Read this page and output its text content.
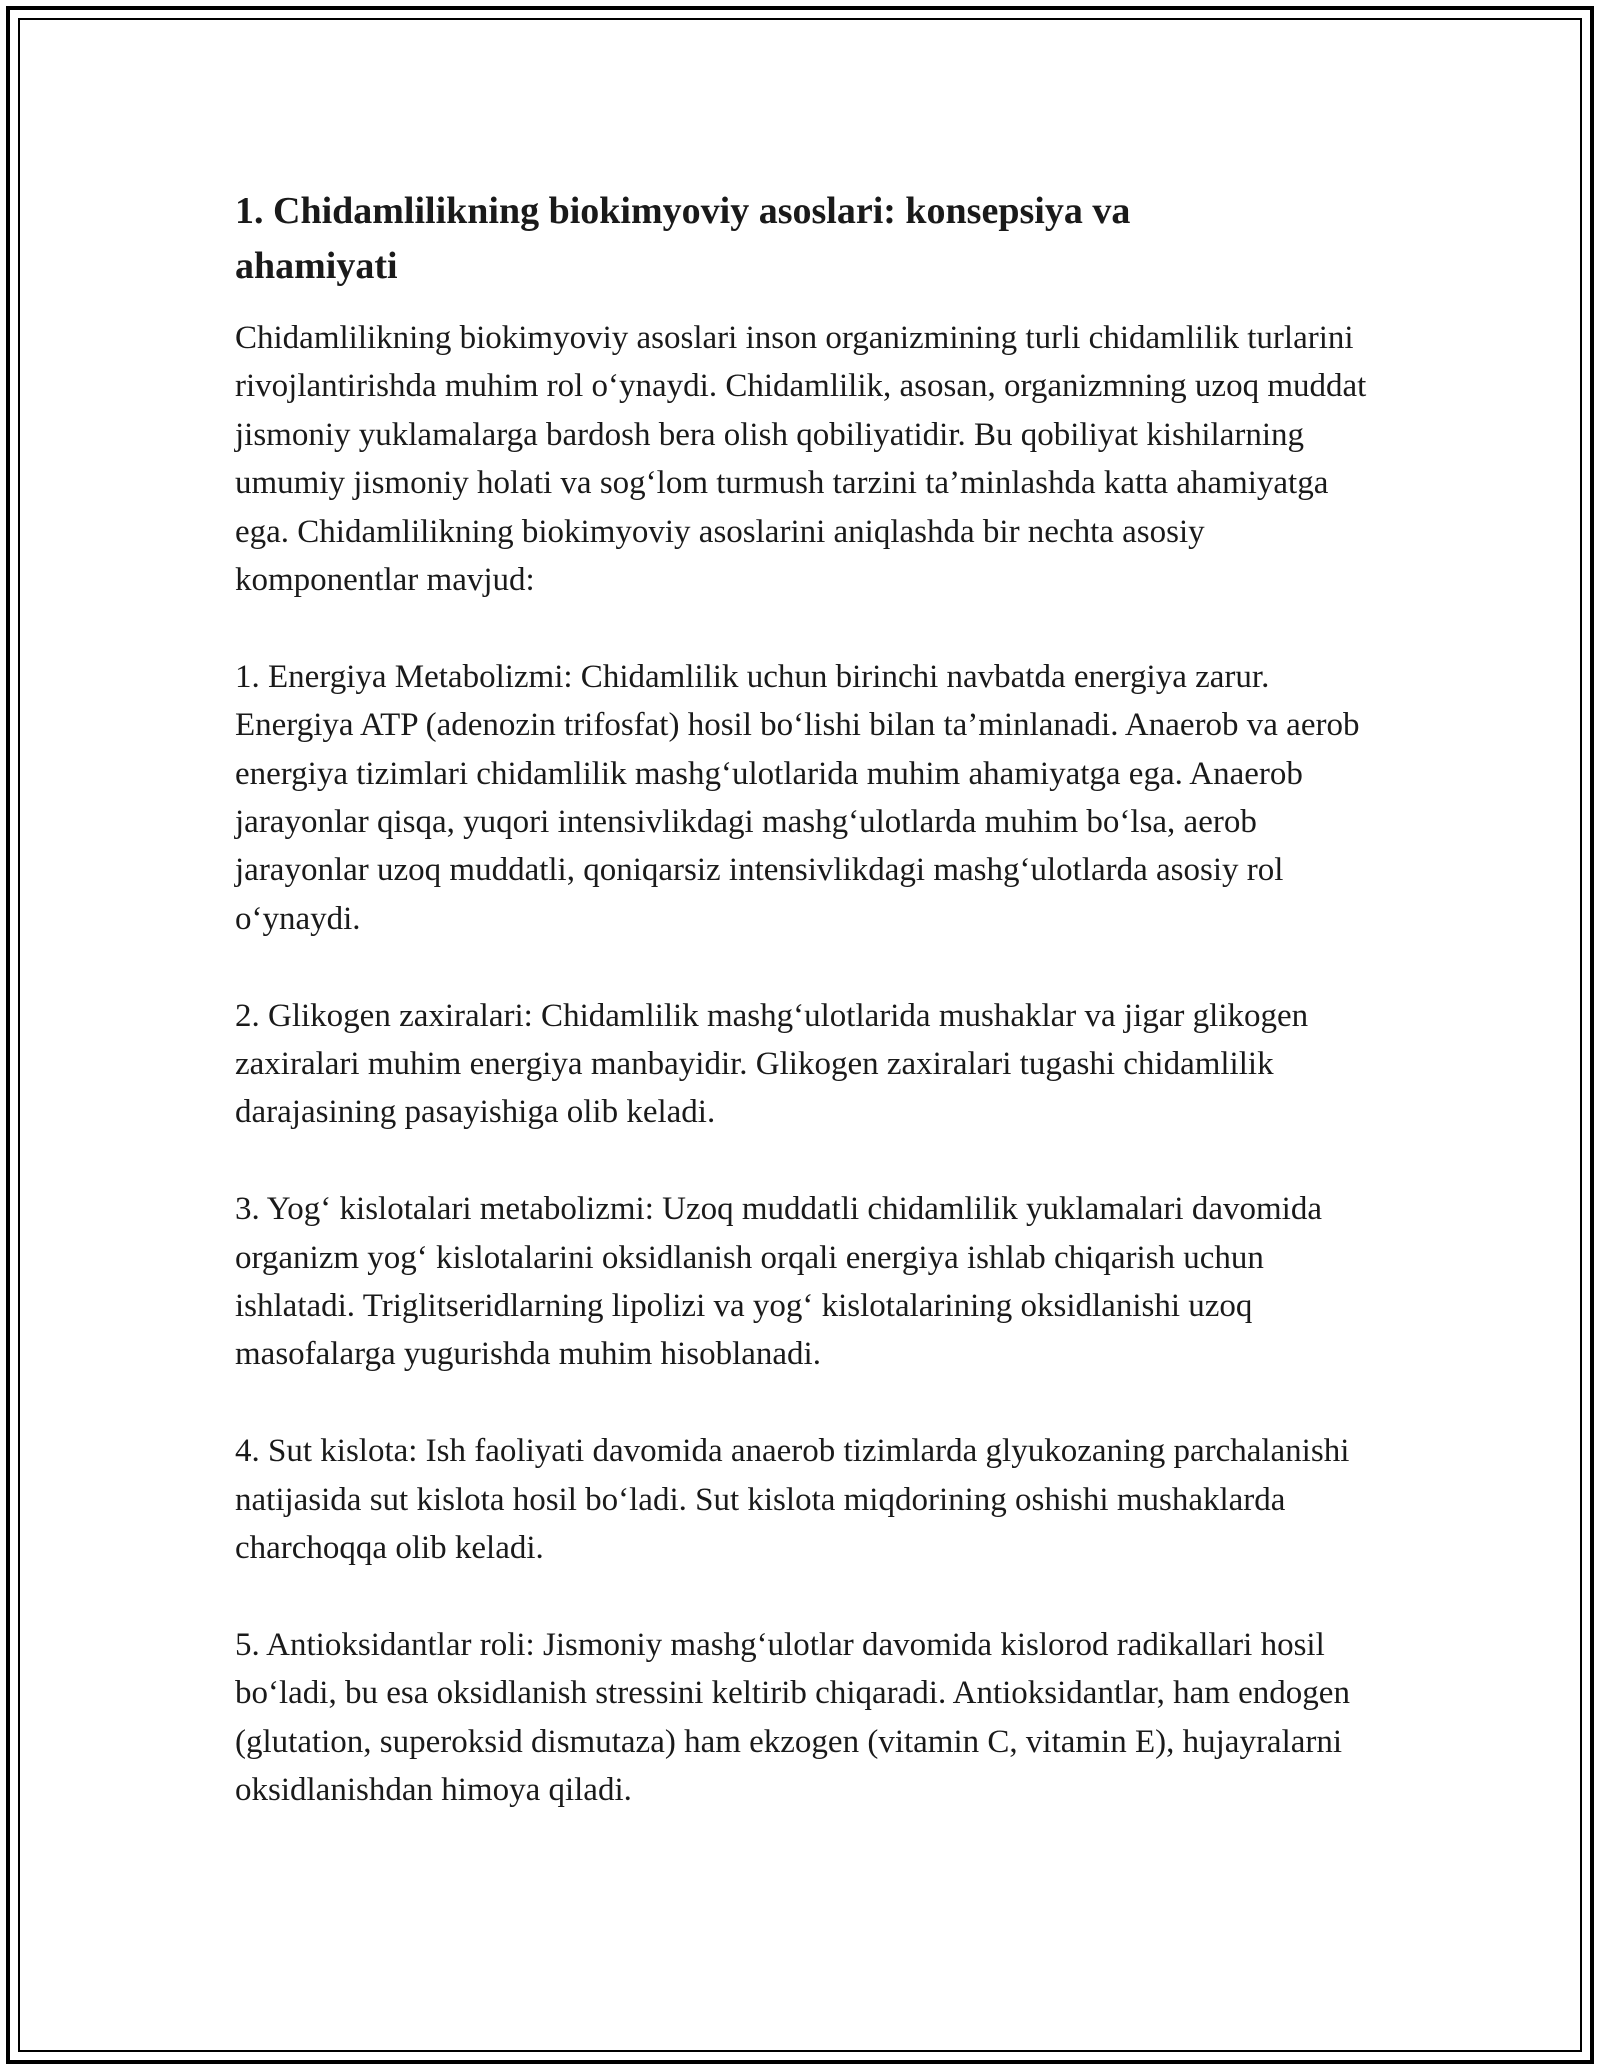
1. Chidamlilikning biokimyoviy asoslari: konsepsiya va ahamiyati

Chidamlilikning biokimyoviy asoslari inson organizmining turli chidamlilik turlarini rivojlantirishda muhim rol o‘ynaydi. Chidamlilik, asosan, organizmning uzoq muddat jismoniy yuklamalarga bardosh bera olish qobiliyatidir. Bu qobiliyat kishilarning umumiy jismoniy holati va sog‘lom turmush tarzini ta’minlashda katta ahamiyatga ega. Chidamlilikning biokimyoviy asoslarini aniqlashda bir nechta asosiy komponentlar mavjud:

1. Energiya Metabolizmi: Chidamlilik uchun birinchi navbatda energiya zarur. Energiya ATP (adenozin trifosfat) hosil bo‘lishi bilan ta’minlanadi. Anaerob va aerob energiya tizimlari chidamlilik mashg‘ulotlarida muhim ahamiyatga ega. Anaerob jarayonlar qisqa, yuqori intensivlikdagi mashg‘ulotlarda muhim bo‘lsa, aerob jarayonlar uzoq muddatli, qoniqarsiz intensivlikdagi mashg‘ulotlarda asosiy rol o‘ynaydi.

2. Glikogen zaxiralari: Chidamlilik mashg‘ulotlarida mushaklar va jigar glikogen zaxiralari muhim energiya manbayidir. Glikogen zaxiralari tugashi chidamlilik darajasining pasayishiga olib keladi.

3. Yog‘ kislotalari metabolizmi: Uzoq muddatli chidamlilik yuklamalari davomida organizm yog‘ kislotalarini oksidlanish orqali energiya ishlab chiqarish uchun ishlatadi. Triglitseridlarning lipolizi va yog‘ kislotalarining oksidlanishi uzoq masofalarga yugurishda muhim hisoblanadi.

4. Sut kislota: Ish faoliyati davomida anaerob tizimlarda glyukozaning parchalanishi natijasida sut kislota hosil bo‘ladi. Sut kislota miqdorining oshishi mushaklarda charchoqqa olib keladi.

5. Antioksidantlar roli: Jismoniy mashg‘ulotlar davomida kislorod radikallari hosil bo‘ladi, bu esa oksidlanish stressini keltirib chiqaradi. Antioksidantlar, ham endogen (glutation, superoksid dismutaza) ham ekzogen (vitamin C, vitamin E), hujayralarni oksidlanishdan himoya qiladi.
